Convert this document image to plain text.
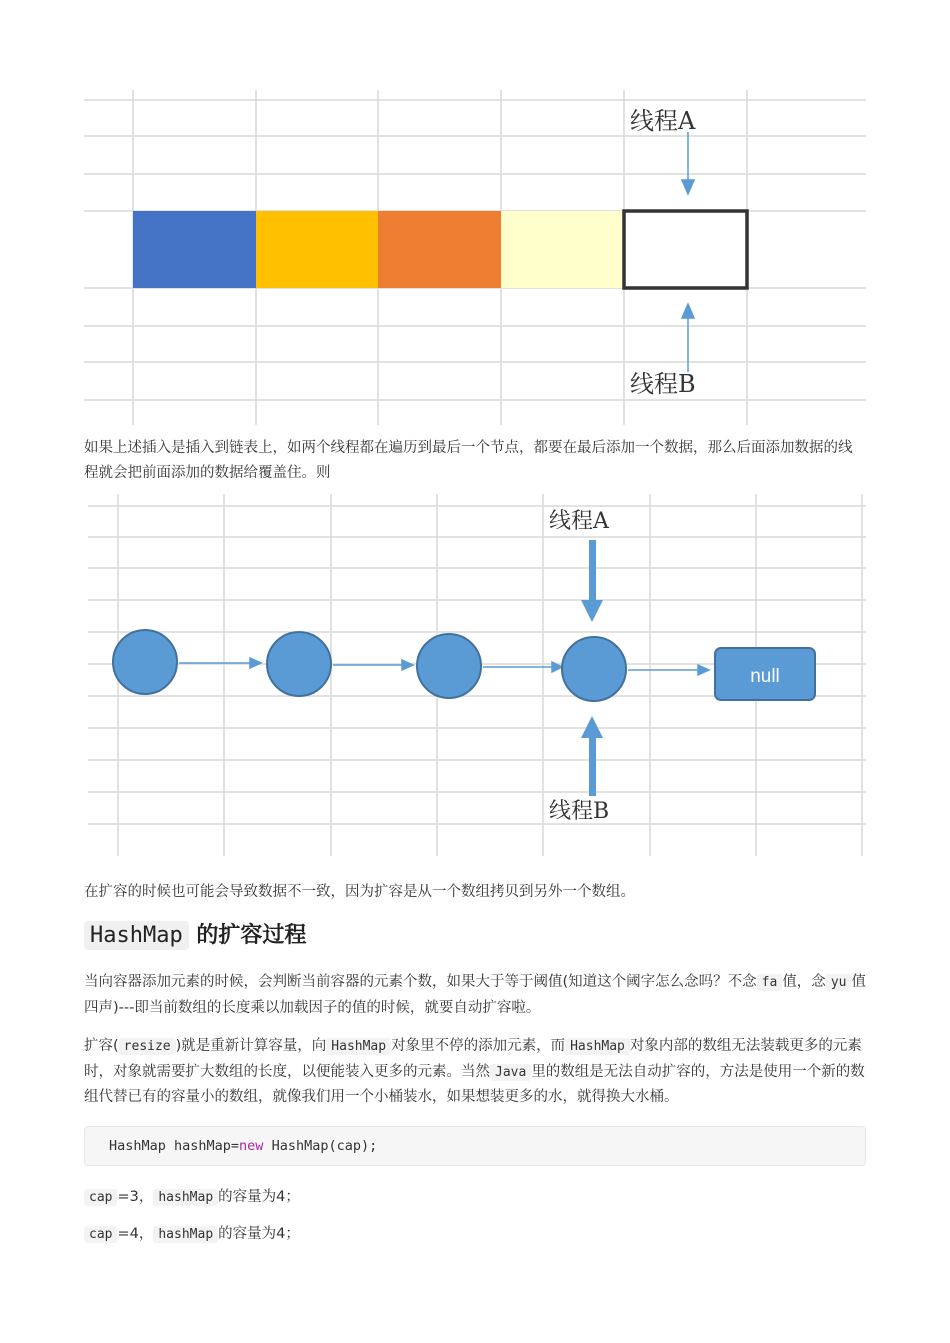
线程A
线程B

如果上述插入是插入到链表上，如两个线程都在遍历到最后一个节点，都要在最后添加一个数据，那么后面添加数据的线程就会把前面添加的数据给覆盖住。则

null
线程A
线程B

在扩容的时候也可能会导致数据不一致，因为扩容是从一个数组拷贝到另外一个数组。

HashMap 的扩容过程

当向容器添加元素的时候，会判断当前容器的元素个数，如果大于等于阈值(知道这个阈字怎么念吗？不念 fa 值，念 yu 值四声)---即当前数组的长度乘以加载因子的值的时候，就要自动扩容啦。

扩容( resize )就是重新计算容量，向 HashMap 对象里不停的添加元素，而 HashMap 对象内部的数组无法装载更多的元素时，对象就需要扩大数组的长度，以便能装入更多的元素。当然 Java 里的数组是无法自动扩容的，方法是使用一个新的数组代替已有的容量小的数组，就像我们用一个小桶装水，如果想装更多的水，就得换大水桶。

HashMap hashMap=new HashMap(cap);

cap =3， hashMap 的容量为4；

cap =4， hashMap 的容量为4；
